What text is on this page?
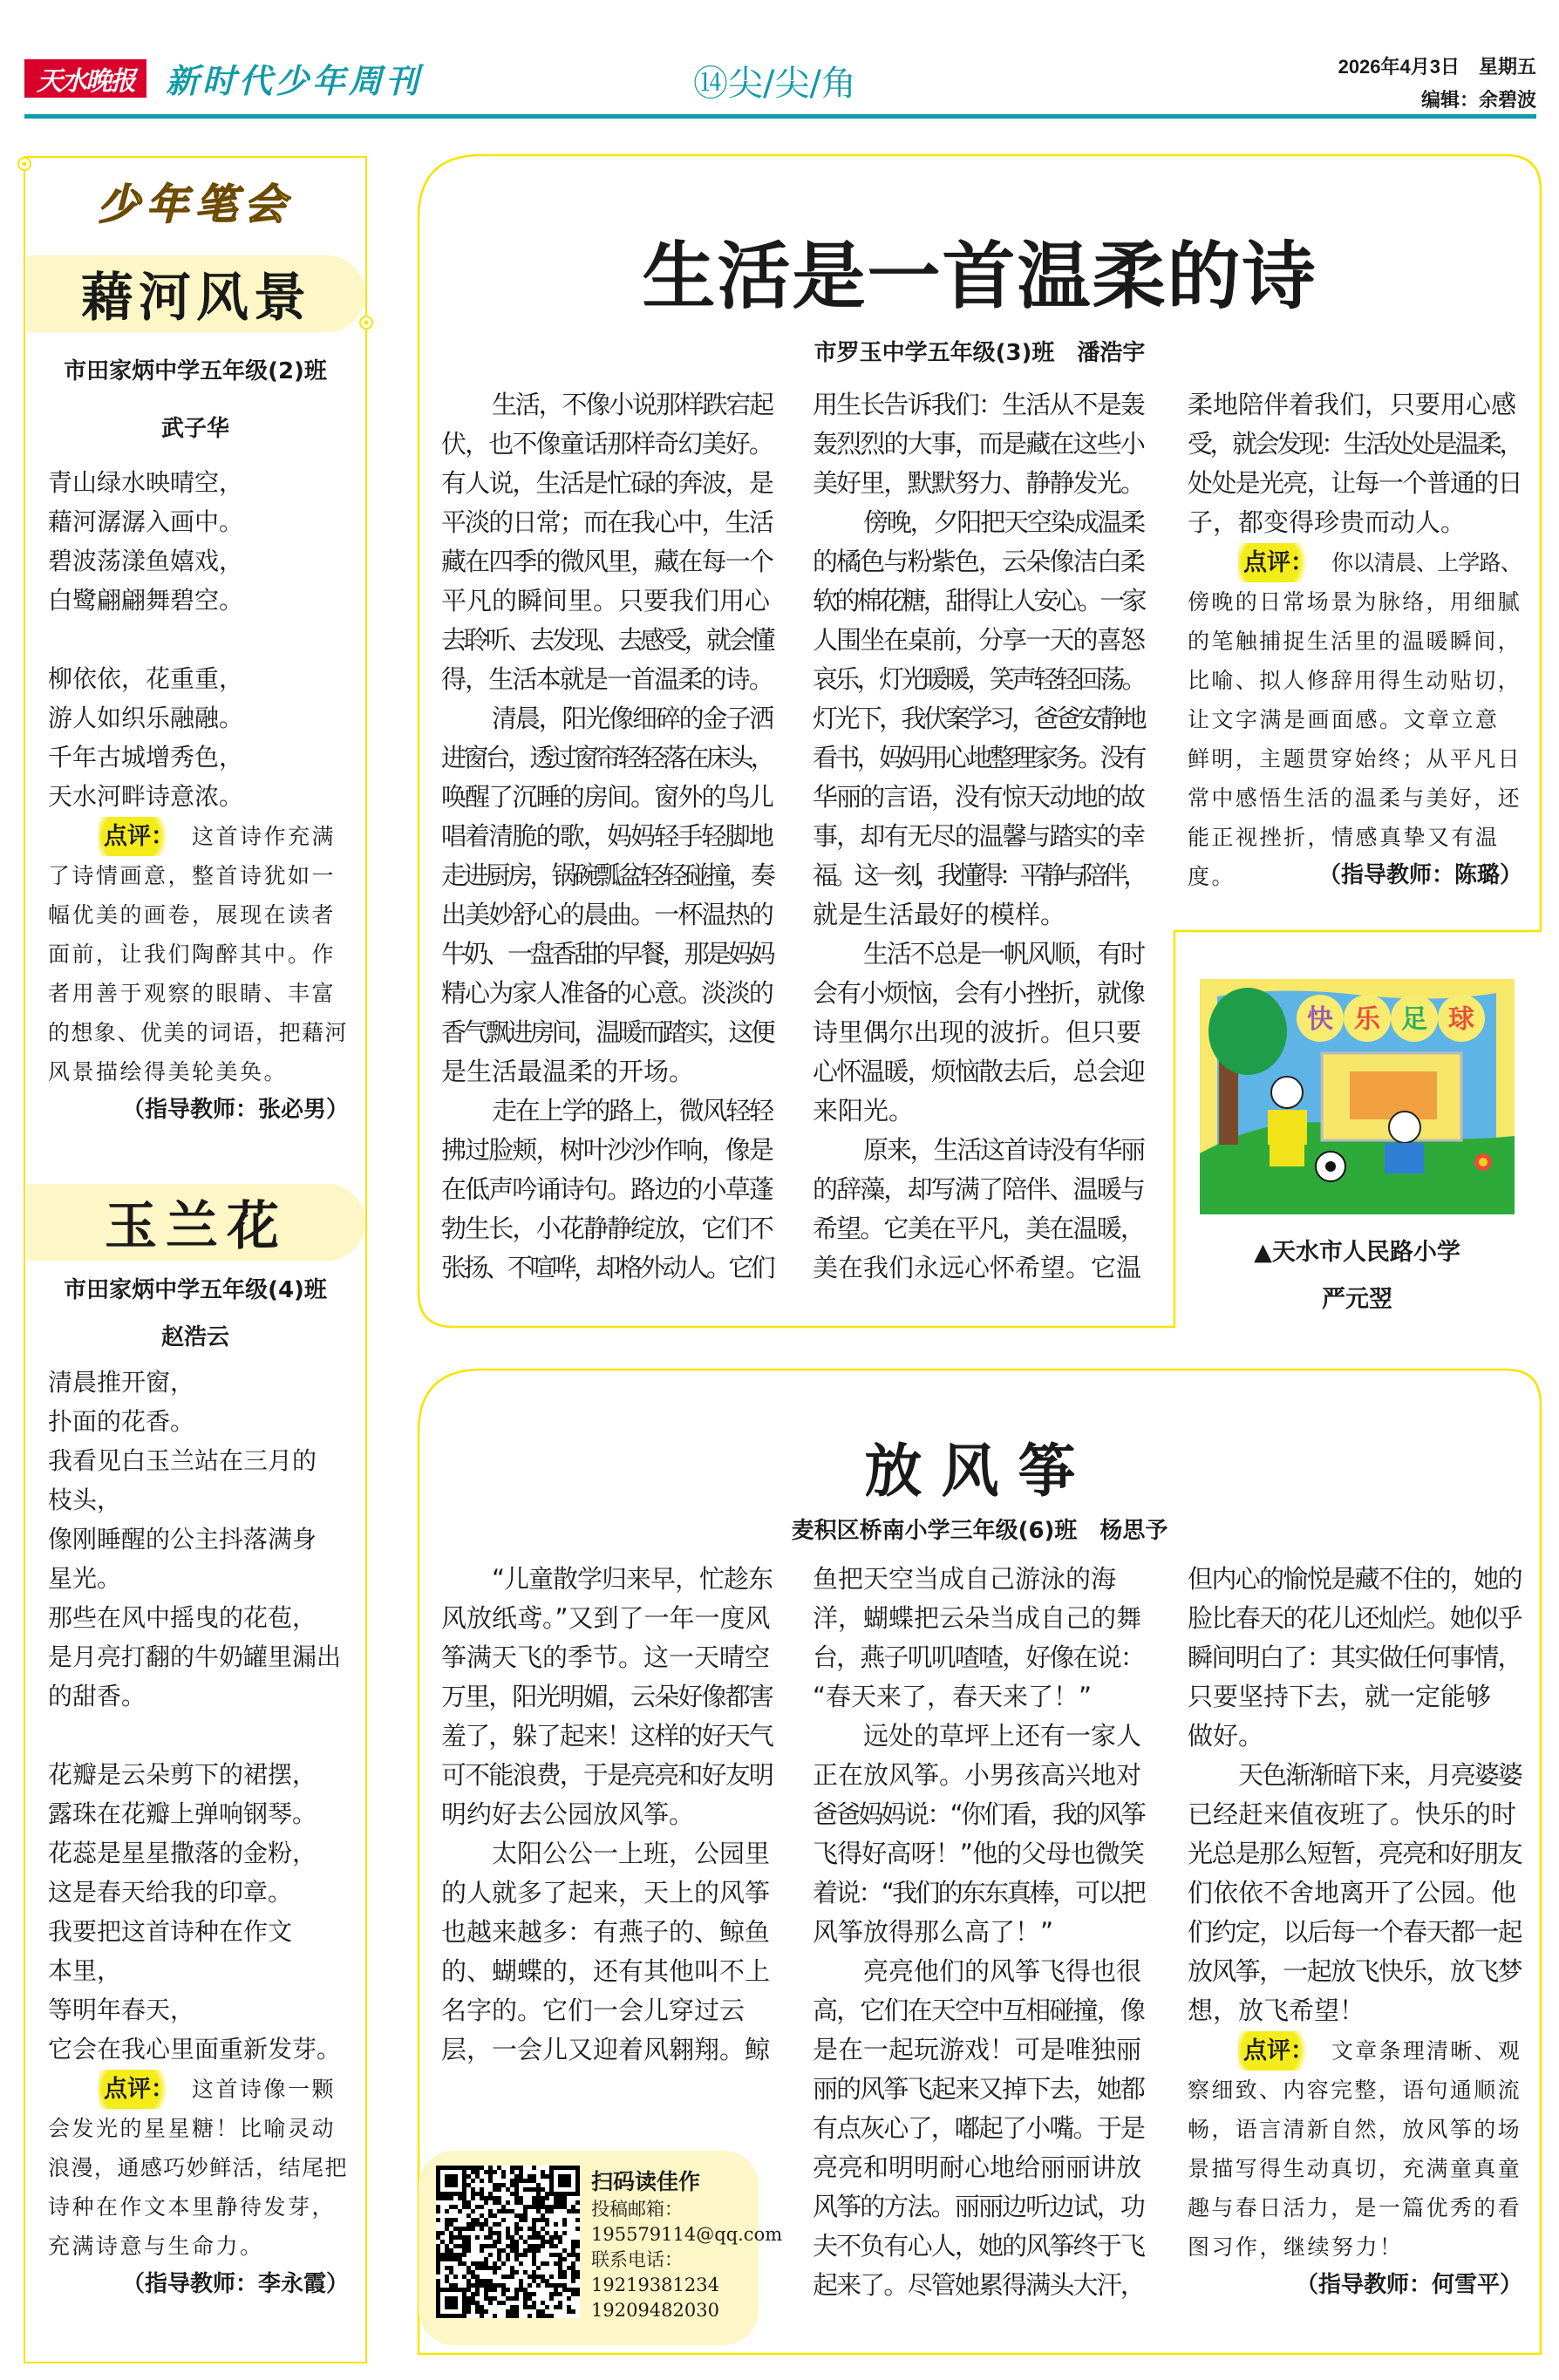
天水晚报 新时代少年周刊	⑭尖/尖/角	2026年4月3日　星期五
编辑：余碧波
少年笔会
藉河风景
市田家炳中学五年级(2)班
武子华
青山绿水映晴空，
藉河潺潺入画中。
碧波荡漾鱼嬉戏，
白鹭翩翩舞碧空。
柳依依，花重重，
游人如织乐融融。
千年古城增秀色，
天水河畔诗意浓。
点评： 这首诗作充满
了诗情画意，整首诗犹如一
幅优美的画卷，展现在读者
面前，让我们陶醉其中。作
者用善于观察的眼睛、丰富
的想象、优美的词语，把藉河
风景描绘得美轮美奂。
（指导教师：张必男）
玉兰花
市田家炳中学五年级(4)班
赵浩云
清晨推开窗，
扑面的花香。
我看见白玉兰站在三月的
枝头，
像刚睡醒的公主抖落满身
星光。
那些在风中摇曳的花苞，
是月亮打翻的牛奶罐里漏出
的甜香。
花瓣是云朵剪下的裙摆，
露珠在花瓣上弹响钢琴。
花蕊是星星撒落的金粉，
这是春天给我的印章。
我要把这首诗种在作文
本里，
等明年春天，
它会在我心里面重新发芽。
点评： 这首诗像一颗
会发光的星星糖！比喻灵动
浪漫，通感巧妙鲜活，结尾把
诗种在作文本里静待发芽，
充满诗意与生命力。
（指导教师：李永霞）
生活是一首温柔的诗
市罗玉中学五年级(3)班　潘浩宇
生活，不像小说那样跌宕起
伏，也不像童话那样奇幻美好。
有人说，生活是忙碌的奔波，是
平淡的日常；而在我心中，生活
藏在四季的微风里，藏在每一个
平凡的瞬间里。只要我们用心
去聆听、去发现、去感受，就会懂
得，生活本就是一首温柔的诗。
清晨，阳光像细碎的金子洒
进窗台，透过窗帘轻轻落在床头，
唤醒了沉睡的房间。窗外的鸟儿
唱着清脆的歌，妈妈轻手轻脚地
走进厨房，锅碗瓢盆轻轻碰撞，奏
出美妙舒心的晨曲。一杯温热的
牛奶、一盘香甜的早餐，那是妈妈
精心为家人准备的心意。淡淡的
香气飘进房间，温暖而踏实，这便
是生活最温柔的开场。
走在上学的路上，微风轻轻
拂过脸颊，树叶沙沙作响，像是
在低声吟诵诗句。路边的小草蓬
勃生长，小花静静绽放，它们不
张扬、不喧哗，却格外动人。它们
用生长告诉我们：生活从不是轰
轰烈烈的大事，而是藏在这些小
美好里，默默努力、静静发光。
傍晚，夕阳把天空染成温柔
的橘色与粉紫色，云朵像洁白柔
软的棉花糖，甜得让人安心。一家
人围坐在桌前，分享一天的喜怒
哀乐，灯光暖暖，笑声轻轻回荡。
灯光下，我伏案学习，爸爸安静地
看书，妈妈用心地整理家务。没有
华丽的言语，没有惊天动地的故
事，却有无尽的温馨与踏实的幸
福。这一刻，我懂得：平静与陪伴，
就是生活最好的模样。
生活不总是一帆风顺，有时
会有小烦恼，会有小挫折，就像
诗里偶尔出现的波折。但只要
心怀温暖，烦恼散去后，总会迎
来阳光。
原来，生活这首诗没有华丽
的辞藻，却写满了陪伴、温暖与
希望。它美在平凡，美在温暖，
美在我们永远心怀希望。它温
柔地陪伴着我们，只要用心感
受，就会发现：生活处处是温柔，
处处是光亮，让每一个普通的日
子，都变得珍贵而动人。
点评： 你以清晨、上学路、
傍晚的日常场景为脉络，用细腻
的笔触捕捉生活里的温暖瞬间，
比喻、拟人修辞用得生动贴切，
让文字满是画面感。文章立意
鲜明，主题贯穿始终；从平凡日
常中感悟生活的温柔与美好，还
能正视挫折，情感真挚又有温
度。	（指导教师：陈璐）
快 乐 足 球
▲天水市人民路小学
严元翌
放风筝
麦积区桥南小学三年级(6)班　杨思予
“儿童散学归来早，忙趁东
风放纸鸢。”又到了一年一度风
筝满天飞的季节。这一天晴空
万里，阳光明媚，云朵好像都害
羞了，躲了起来！这样的好天气
可不能浪费，于是亮亮和好友明
明约好去公园放风筝。
太阳公公一上班，公园里
的人就多了起来，天上的风筝
也越来越多：有燕子的、鲸鱼
的、蝴蝶的，还有其他叫不上
名字的。它们一会儿穿过云
层，一会儿又迎着风翱翔。鲸
鱼把天空当成自己游泳的海
洋，蝴蝶把云朵当成自己的舞
台，燕子叽叽喳喳，好像在说：
“春天来了，春天来了！”
远处的草坪上还有一家人
正在放风筝。小男孩高兴地对
爸爸妈妈说：“你们看，我的风筝
飞得好高呀！”他的父母也微笑
着说：“我们的东东真棒，可以把
风筝放得那么高了！”
亮亮他们的风筝飞得也很
高，它们在天空中互相碰撞，像
是在一起玩游戏！可是唯独丽
丽的风筝飞起来又掉下去，她都
有点灰心了，嘟起了小嘴。于是
亮亮和明明耐心地给丽丽讲放
风筝的方法。丽丽边听边试，功
夫不负有心人，她的风筝终于飞
起来了。尽管她累得满头大汗，
但内心的愉悦是藏不住的，她的
脸比春天的花儿还灿烂。她似乎
瞬间明白了：其实做任何事情，
只要坚持下去，就一定能够
做好。
天色渐渐暗下来，月亮婆婆
已经赶来值夜班了。快乐的时
光总是那么短暂，亮亮和好朋友
们依依不舍地离开了公园。他
们约定，以后每一个春天都一起
放风筝，一起放飞快乐，放飞梦
想，放飞希望！
点评： 文章条理清晰、观
察细致、内容完整，语句通顺流
畅，语言清新自然，放风筝的场
景描写得生动真切，充满童真童
趣与春日活力，是一篇优秀的看
图习作，继续努力！
（指导教师：何雪平）
扫码读佳作
投稿邮箱：
195579114@qq.com
联系电话：
19219381234
19209482030
